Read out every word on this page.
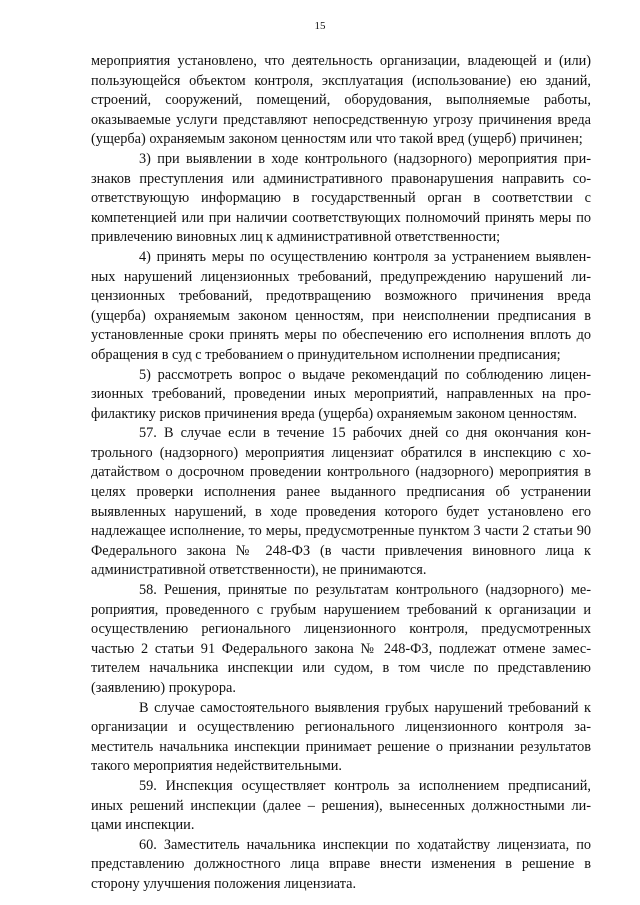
15

мероприятия установлено, что деятельность организации, владеющей и (или) пользующейся объектом контроля, эксплуатация (использование) ею зданий, строений, сооружений, помещений, оборудования, выполняемые работы, оказываемые услуги представляют непосредственную угрозу причинения вреда (ущерба) охраняемым законом ценностям или что такой вред (ущерб) причинен;

3) при выявлении в ходе контрольного (надзорного) мероприятия признаков преступления или административного правонарушения направить соответствующую информацию в государственный орган в соответствии с компетенцией или при наличии соответствующих полномочий принять меры по привлечению виновных лиц к административной ответственности;

4) принять меры по осуществлению контроля за устранением выявленных нарушений лицензионных требований, предупреждению нарушений лицензионных требований, предотвращению возможного причинения вреда (ущерба) охраняемым законом ценностям, при неисполнении предписания в установленные сроки принять меры по обеспечению его исполнения вплоть до обращения в суд с требованием о принудительном исполнении предписания;

5) рассмотреть вопрос о выдаче рекомендаций по соблюдению лицензионных требований, проведении иных мероприятий, направленных на профилактику рисков причинения вреда (ущерба) охраняемым законом ценностям.

57. В случае если в течение 15 рабочих дней со дня окончания контрольного (надзорного) мероприятия лицензиат обратился в инспекцию с ходатайством о досрочном проведении контрольного (надзорного) мероприятия в целях проверки исполнения ранее выданного предписания об устранении выявленных нарушений, в ходе проведения которого будет установлено его надлежащее исполнение, то меры, предусмотренные пунктом 3 части 2 статьи 90 Федерального закона № 248-ФЗ (в части привлечения виновного лица к административной ответственности), не принимаются.

58. Решения, принятые по результатам контрольного (надзорного) мероприятия, проведенного с грубым нарушением требований к организации и осуществлению регионального лицензионного контроля, предусмотренных частью 2 статьи 91 Федерального закона № 248-ФЗ, подлежат отмене заместителем начальника инспекции или судом, в том числе по представлению (заявлению) прокурора.

В случае самостоятельного выявления грубых нарушений требований к организации и осуществлению регионального лицензионного контроля заместитель начальника инспекции принимает решение о признании результатов такого мероприятия недействительными.

59. Инспекция осуществляет контроль за исполнением предписаний, иных решений инспекции (далее – решения), вынесенных должностными лицами инспекции.

60. Заместитель начальника инспекции по ходатайству лицензиата, по представлению должностного лица вправе внести изменения в решение в сторону улучшения положения лицензиата.
